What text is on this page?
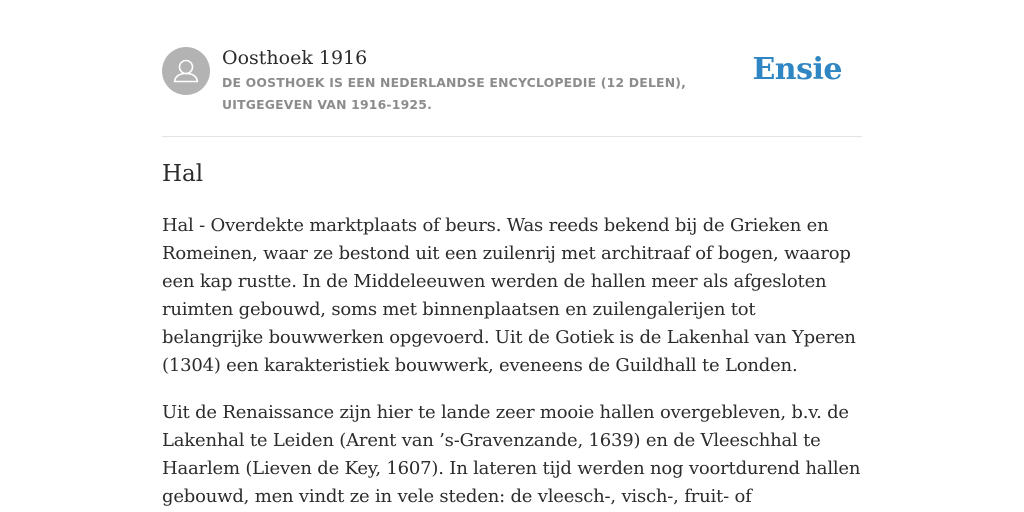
Oosthoek 1916
DE OOSTHOEK IS EEN NEDERLANDSE ENCYCLOPEDIE (12 DELEN), UITGEGEVEN VAN 1916-1925.
Ensie
Hal

Hal - Overdekte marktplaats of beurs. Was reeds bekend bij de Grieken en Romeinen, waar ze bestond uit een zuilenrij met architraaf of bogen, waarop een kap rustte. In de Middeleeuwen werden de hallen meer als afgesloten ruimten gebouwd, soms met binnenplaatsen en zuilengalerijen tot belangrijke bouwwerken opgevoerd. Uit de Gotiek is de Lakenhal van Yperen (1304) een karakteristiek bouwwerk, eveneens de Guildhall te Londen.

Uit de Renaissance zijn hier te lande zeer mooie hallen overgebleven, b.v. de Lakenhal te Leiden (Arent van ’s-Gravenzande, 1639) en de Vleeschhal te Haarlem (Lieven de Key, 1607). In lateren tijd werden nog voortdurend hallen gebouwd, men vindt ze in vele steden: de vleesch-, visch-, fruit- of
